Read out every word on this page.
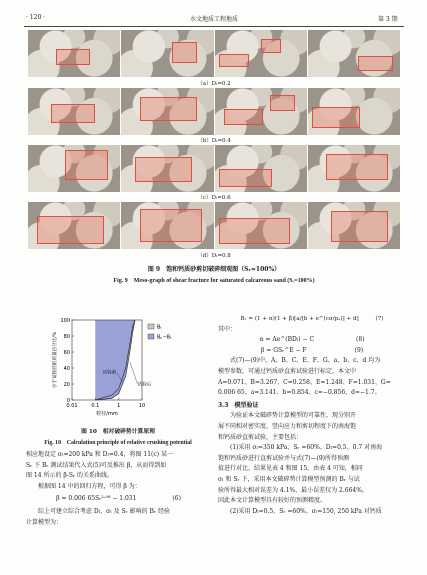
· 120 ·	水文地质工程地质	第 3 期
（a）Dₗ=0.2
（b）Dₗ=0.4
（c）Dₗ=0.6
（d）Dₗ=0.8
图 9　饱和钙质砂剪切破碎细观图（Sᵣ=100%）
Fig. 9　Meso-graph of shear fracture for saturated calcareous sand (Sᵣ=100%)
0
20
40
60
80
100
0.01	0.1	1	10
粒径/mm
小于某粒径的质量百分比/%	试验前
试验后
Bₜ
Bₚ−Bₜ
图 10　相对破碎势计算原理
Fig. 10　Calculation principle of relative crushing potential
相应地设定 σₗ=200 kPa 和 Dₗ=0.4，将图 11(c) 某一
Sᵣ 下 Bᵣ 测试结果代入式(5)可反推出 β，从而得到如
图 14 所示的 β-Sᵣ 的关系曲线。
　　根据图 14 中的回归方程，可得 β 为：
β = 0.006 65Sᵣ²·⁰⁸ − 1.031　　　　　　(6)
　　综上可建立综合考虑 Dₗ、σₗ 及 Sᵣ 影响的 Bᵣ 经验
计算模型为：
Bᵣ = (1 + α)(1 + β)[a/[b + e^(cσ/pₐ)] + d]　　　(7)
其中：
α = Ae^(BDₗ) − C　　　　　　　(8)
β = GSᵣ^E − F　　　　　　　　(9)
　　式(7)—(9)中，A、B、C、E、F、G、a、b、c、d 均为
模型参数，可通过钙质砂直剪试验进行标定，本文中
A=0.071、B=3.267、C=0.258、E=1.248、F=1.031、G=
0.006 65、a=3.141、b=0.854、c=−0.856、d=−1.7。
3.3　模型验证
　　为验证本文破碎势计算模型的可靠性，现分别开
展不同相对密实度、竖向应力和剪切程度下的南海饱
和钙质砂直剪试验，主要包括：
　　(1)采用 σₗ=350 kPa、Sᵣ =60%、Dₗ=0.5、0.7 对南海
饱和钙质砂进行直剪试验并与式(7)—(9)所得预测
值进行对比，结果见表 4 和图 15。由表 4 可知，相同
σₗ 和 Sᵣ 下，采用本文破碎势计算模型预测的 Bᵣ 与试
验所得最大相对误差为 4.1%，最小误差仅为 2.664%，
因此本文计算模型具有较好的预测精度。
　　(2)采用 Dₗ=0.5、Sᵣ =60%、σₗ=150, 250 kPa 对钙质
